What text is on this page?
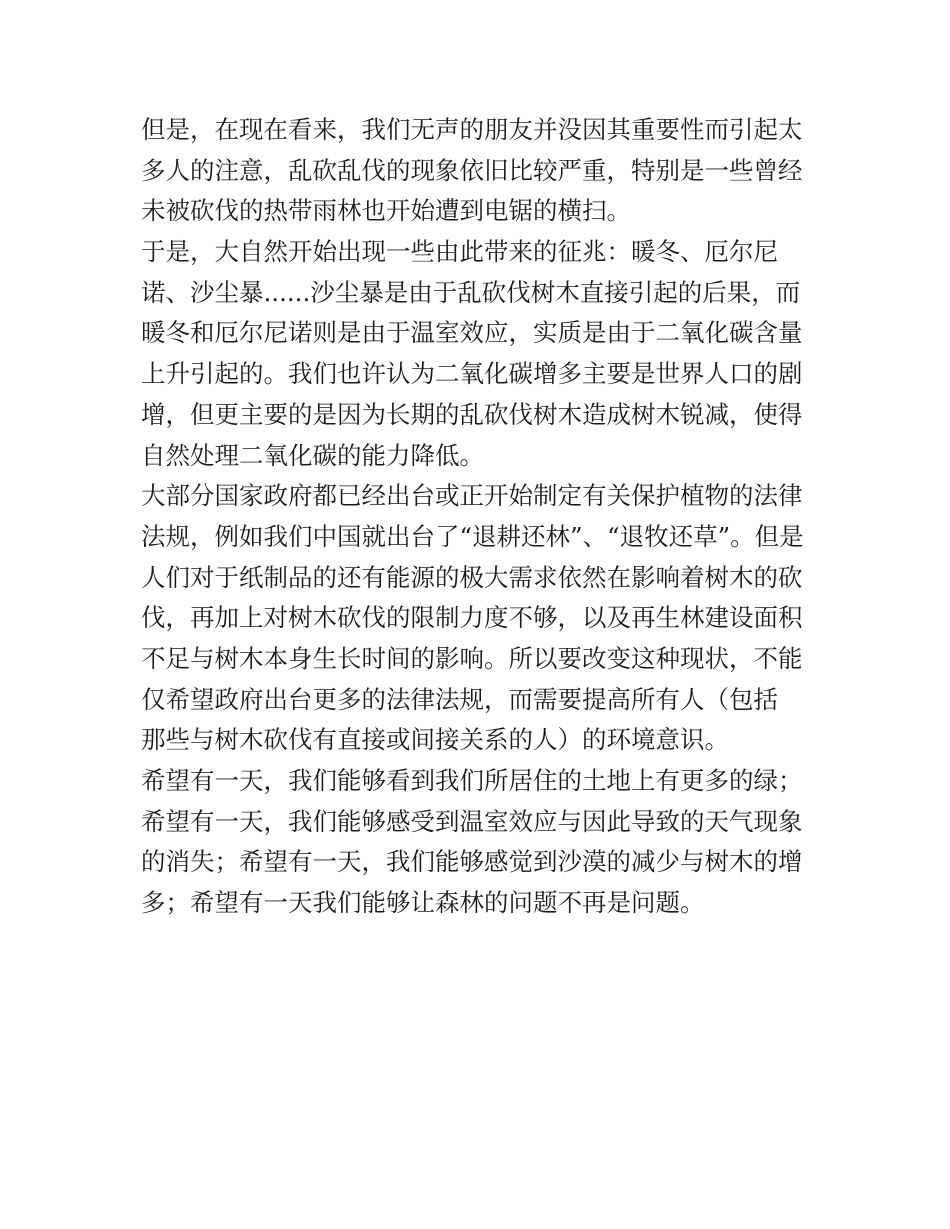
但是，在现在看来，我们无声的朋友并没因其重要性而引起太
多人的注意，乱砍乱伐的现象依旧比较严重，特别是一些曾经
未被砍伐的热带雨林也开始遭到电锯的横扫。
于是，大自然开始出现一些由此带来的征兆：暖冬、厄尔尼
诺、沙尘暴......沙尘暴是由于乱砍伐树木直接引起的后果，而
暖冬和厄尔尼诺则是由于温室效应，实质是由于二氧化碳含量
上升引起的。我们也许认为二氧化碳增多主要是世界人口的剧
增，但更主要的是因为长期的乱砍伐树木造成树木锐减，使得
自然处理二氧化碳的能力降低。
大部分国家政府都已经出台或正开始制定有关保护植物的法律
法规，例如我们中国就出台了“退耕还林”、“退牧还草”。但是
人们对于纸制品的还有能源的极大需求依然在影响着树木的砍
伐，再加上对树木砍伐的限制力度不够，以及再生林建设面积
不足与树木本身生长时间的影响。所以要改变这种现状，不能
仅希望政府出台更多的法律法规，而需要提高所有人（包括
那些与树木砍伐有直接或间接关系的人）的环境意识。
希望有一天，我们能够看到我们所居住的土地上有更多的绿；
希望有一天，我们能够感受到温室效应与因此导致的天气现象
的消失；希望有一天，我们能够感觉到沙漠的减少与树木的增
多；希望有一天我们能够让森林的问题不再是问题。
